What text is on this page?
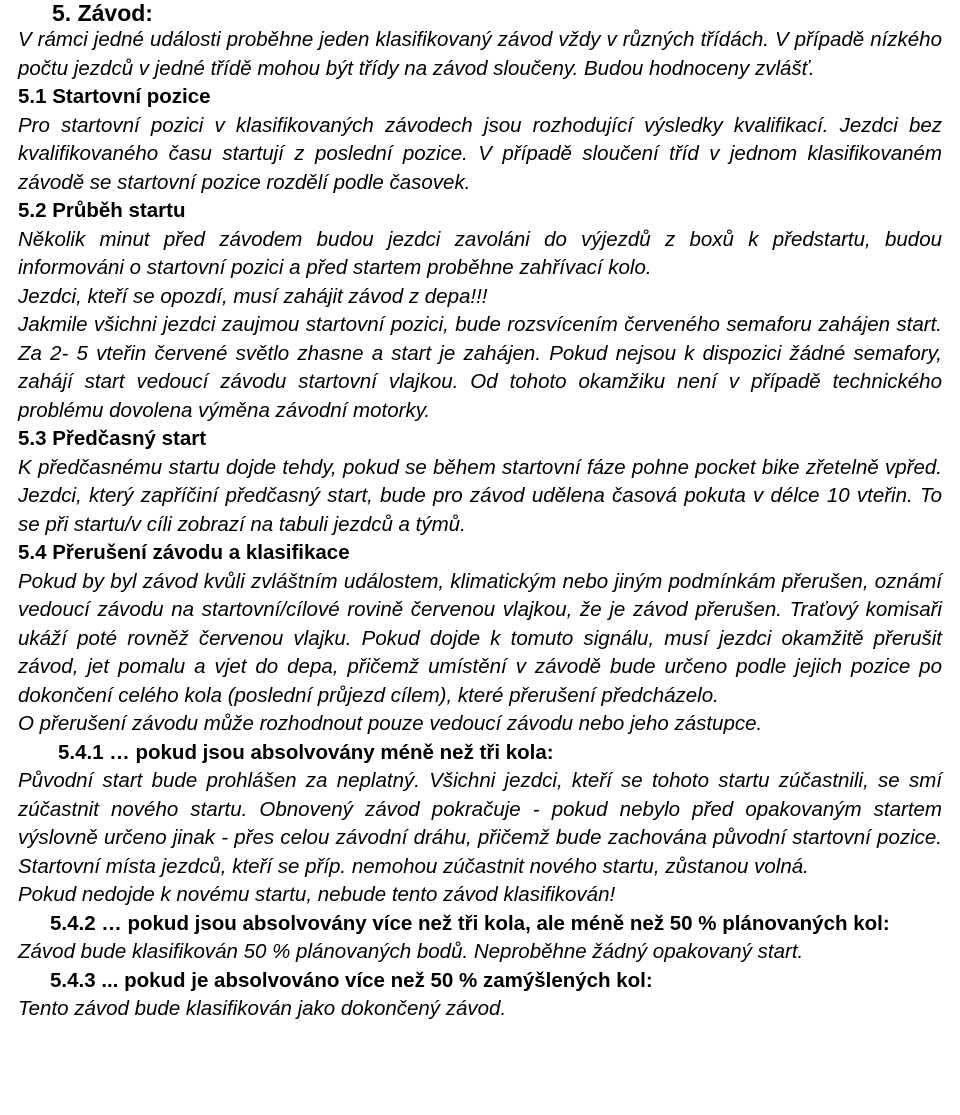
5. Závod:

V rámci jedné události proběhne jeden klasifikovaný závod vždy v různých třídách. V případě nízkého počtu jezdců v jedné třídě mohou být třídy na závod sloučeny. Budou hodnoceny zvlášť.

5.1 Startovní pozice

Pro startovní pozici v klasifikovaných závodech jsou rozhodující výsledky kvalifikací. Jezdci bez kvalifikovaného času startují z poslední pozice. V případě sloučení tříd v jednom klasifikovaném závodě se startovní pozice rozdělí podle časovek.

5.2 Průběh startu

Několik minut před závodem budou jezdci zavoláni do výjezdů z boxů k předstartu, budou informováni o startovní pozici a před startem proběhne zahřívací kolo.

Jezdci, kteří se opozdí, musí zahájit závod z depa!!!

Jakmile všichni jezdci zaujmou startovní pozici, bude rozsvícením červeného semaforu zahájen start. Za 2- 5 vteřin červené světlo zhasne a start je zahájen. Pokud nejsou k dispozici žádné semafory, zahájí start vedoucí závodu startovní vlajkou. Od tohoto okamžiku není v případě technického problému dovolena výměna závodní motorky.

5.3 Předčasný start

K předčasnému startu dojde tehdy, pokud se během startovní fáze pohne pocket bike zřetelně vpřed. Jezdci, který zapříčiní předčasný start, bude pro závod udělena časová pokuta v délce 10 vteřin. To se při startu/v cíli zobrazí na tabuli jezdců a týmů.

5.4 Přerušení závodu a klasifikace

Pokud by byl závod kvůli zvláštním událostem, klimatickým nebo jiným podmínkám přerušen, oznámí vedoucí závodu na startovní/cílové rovině červenou vlajkou, že je závod přerušen. Traťový komisaři ukáží poté rovněž červenou vlajku. Pokud dojde k tomuto signálu, musí jezdci okamžitě přerušit závod, jet pomalu a vjet do depa, přičemž umístění v závodě bude určeno podle jejich pozice po dokončení celého kola (poslední průjezd cílem), které přerušení předcházelo.

O přerušení závodu může rozhodnout pouze vedoucí závodu nebo jeho zástupce.

5.4.1 … pokud jsou absolvovány méně než tři kola:

Původní start bude prohlášen za neplatný. Všichni jezdci, kteří se tohoto startu zúčastnili, se smí zúčastnit nového startu. Obnovený závod pokračuje - pokud nebylo před opakovaným startem výslovně určeno jinak - přes celou závodní dráhu, přičemž bude zachována původní startovní pozice. Startovní místa jezdců, kteří se příp. nemohou zúčastnit nového startu, zůstanou volná.

Pokud nedojde k novému startu, nebude tento závod klasifikován!

5.4.2 … pokud jsou absolvovány více než tři kola, ale méně než 50 % plánovaných kol:

Závod bude klasifikován 50 % plánovaných bodů. Neproběhne žádný opakovaný start.

5.4.3 ... pokud je absolvováno více než 50 % zamýšlených kol:

Tento závod bude klasifikován jako dokončený závod.
